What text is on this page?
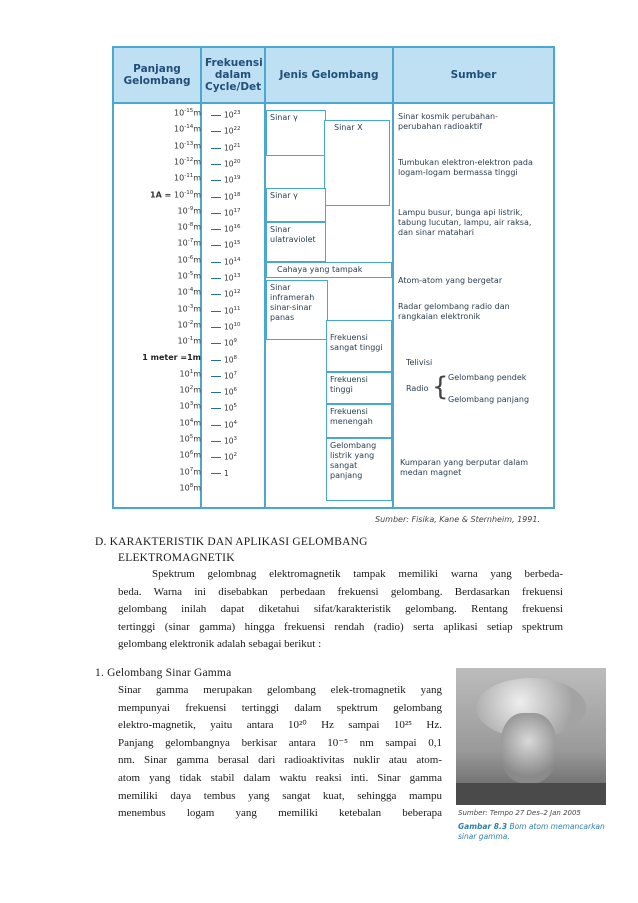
Panjang Gelombang
Frekuensi dalam Cycle/Det
Jenis Gelombang	Sumber
$10^{-15}m$
$10^{-14}m$
$10^{-13}m$
$10^{-12}m$
$10^{-11}m$
$1A = 10^{-10}m$
$10^{-9}m$
$10^{-8}m$
$10^{-7}m$
$10^{-6}m$
$10^{-5}m$
$10^{-4}m$
$10^{-3}m$
$10^{-2}m$
$10^{-1}m$
1 meter =1m
$10^1m$
$10^2m$
$10^3m$
$10^4m$
$10^5m$
$10^6m$
$10^7m$
$10^8m$
$10^{23}$
$10^{22}$
$10^{21}$
$10^{20}$
$10^{19}$
$10^{18}$
$10^{17}$
$10^{16}$
$10^{15}$
$10^{14}$
$10^{13}$
$10^{12}$
$10^{11}$
$10^{10}$
$10^9$
$10^8$
$10^7$
$10^6$
$10^5$
$10^4$
$10^3$
$10^2$
1
Sinar γ
Sinar X
Sinar γ
Sinar ulatraviolet
Cahaya yang tampak
Sinar inframerah sinar-sinar panas
Frekuensi sangat tinggi
Frekuensi tinggi
Frekuensi menengah
Gelombang listrik yang sangat panjang
Sinar kosmik perubahan-perubahan radioaktif
Tumbukan elektron-elektron pada logam-logam bermassa tinggi
Lampu busur, bunga api listrik, tabung lucutan, lampu, air raksa, dan sinar matahari
Atom-atom yang bergetar
Radar gelombang radio dan rangkaian elektronik
Telivisi
Radio { Gelombang pendek
Gelombang panjang
Kumparan yang berputar dalam medan magnet
Sumber: Fisika, Kane & Sternheim, 1991.
D. KARAKTERISTIK DAN APLIKASI GELOMBANG
ELEKTROMAGNETIK
Spektrum gelombnag elektromagnetik tampak memiliki warna yang berbeda-
beda. Warna ini disebabkan perbedaan frekuensi gelombang. Berdasarkan frekuensi
gelombang inilah dapat diketahui sifat/karakteristik gelombang. Rentang frekuensi
tertinggi (sinar gamma) hingga frekuensi rendah (radio) serta aplikasi setiap spektrum
gelombang elektronik adalah sebagai berikut :
1. Gelombang Sinar Gamma
Sinar gamma merupakan gelombang elek-tromagnetik yang
mempunyai frekuensi tertinggi dalam spektrum gelombang
elektro-magnetik, yaitu antara 10²⁰ Hz sampai 10²⁵ Hz.
Panjang gelombangnya berkisar antara 10⁻⁵ nm sampai 0,1
nm. Sinar gamma berasal dari radioaktivitas nuklir atau atom-
atom yang tidak stabil dalam waktu reaksi inti. Sinar gamma
memiliki daya tembus yang sangat kuat, sehingga mampu
menembus logam yang memiliki ketebalan beberapa Sumber: Tempo 27 Des–2 Jan 2005
Gambar 8.3 Bom atom memancarkan sinar gamma.
